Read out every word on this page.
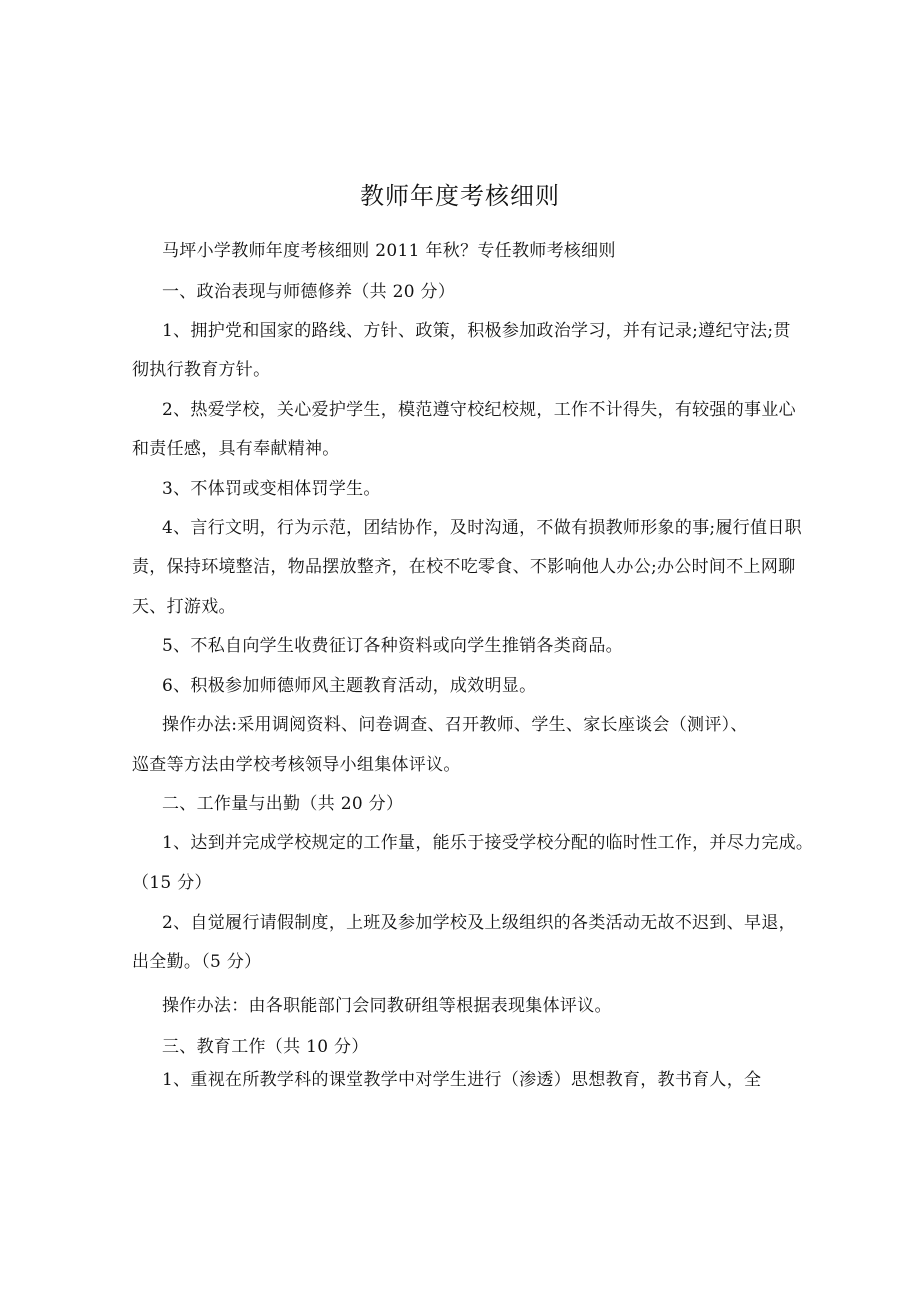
教师年度考核细则
马坪小学教师年度考核细则 2011 年秋？专任教师考核细则
一、政治表现与师德修养（共 20 分）
1、拥护党和国家的路线、方针、政策，积极参加政治学习，并有记录;遵纪守法;贯
彻执行教育方针。
2、热爱学校，关心爱护学生，模范遵守校纪校规，工作不计得失，有较强的事业心
和责任感，具有奉献精神。
3、不体罚或变相体罚学生。
4、言行文明，行为示范，团结协作，及时沟通，不做有损教师形象的事;履行值日职
责，保持环境整洁，物品摆放整齐，在校不吃零食、不影响他人办公;办公时间不上网聊
天、打游戏。
5、不私自向学生收费征订各种资料或向学生推销各类商品。
6、积极参加师德师风主题教育活动，成效明显。
操作办法:采用调阅资料、问卷调查、召开教师、学生、家长座谈会（测评）、
巡查等方法由学校考核领导小组集体评议。
二、工作量与出勤（共 20 分）
1、达到并完成学校规定的工作量，能乐于接受学校分配的临时性工作，并尽力完成。
（15 分）
2、自觉履行请假制度，上班及参加学校及上级组织的各类活动无故不迟到、早退，
出全勤。（5 分）
操作办法：由各职能部门会同教研组等根据表现集体评议。
三、教育工作（共 10 分）
1、重视在所教学科的课堂教学中对学生进行（渗透）思想教育，教书育人，全
